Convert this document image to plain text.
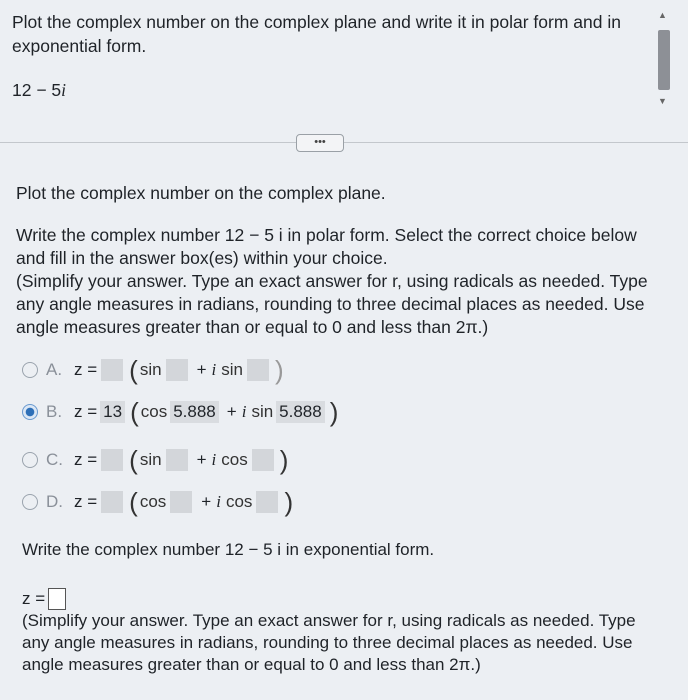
Plot the complex number on the complex plane and write it in polar form and in exponential form.
12 − 5i
▲
▼
•••
Plot the complex number on the complex plane.
Write the complex number 12 − 5 i in polar form. Select the correct choice below and fill in the answer box(es) within your choice.
(Simplify your answer. Type an exact answer for r, using radicals as needed. Type any angle measures in radians, rounding to three decimal places as needed. Use angle measures greater than or equal to 0 and less than 2π.)
A. z = ( sin + i sin )
B. z = 13 ( cos 5.888 + i sin 5.888 )
C. z = ( sin + i cos )
D. z = ( cos + i cos )
Write the complex number 12 − 5 i in exponential form.
z =
(Simplify your answer. Type an exact answer for r, using radicals as needed. Type any angle measures in radians, rounding to three decimal places as needed. Use angle measures greater than or equal to 0 and less than 2π.)
